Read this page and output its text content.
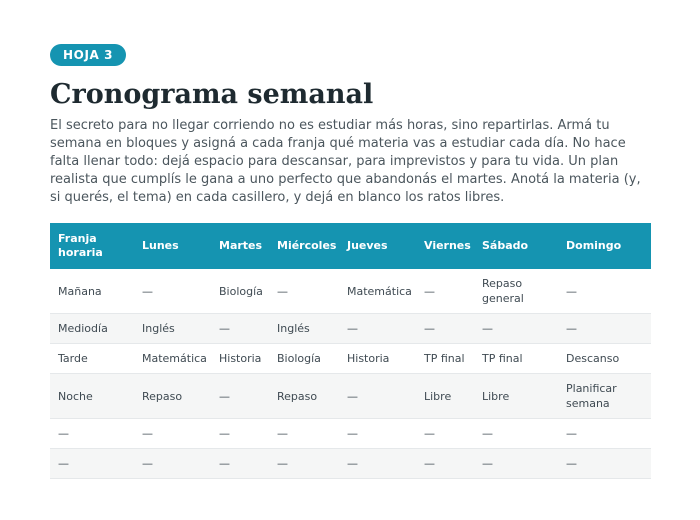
HOJA 3
Cronograma semanal

El secreto para no llegar corriendo no es estudiar más horas, sino repartirlas. Armá tu semana en bloques y asigná a cada franja qué materia vas a estudiar cada día. No hace falta llenar todo: dejá espacio para descansar, para imprevistos y para tu vida. Un plan realista que cumplís le gana a uno perfecto que abandonás el martes. Anotá la materia (y, si querés, el tema) en cada casillero, y dejá en blanco los ratos libres.

Franja horaria	Lunes	Martes	Miércoles	Jueves	Viernes	Sábado	Domingo
Mañana	—	Biología	—	Matemática	—	Repaso general	—
Mediodía	Inglés	—	Inglés	—	—	—	—
Tarde	Matemática	Historia	Biología	Historia	TP final	TP final	Descanso
Noche	Repaso	—	Repaso	—	Libre	Libre	Planificar semana
—	—	—	—	—	—	—	—
—	—	—	—	—	—	—	—
